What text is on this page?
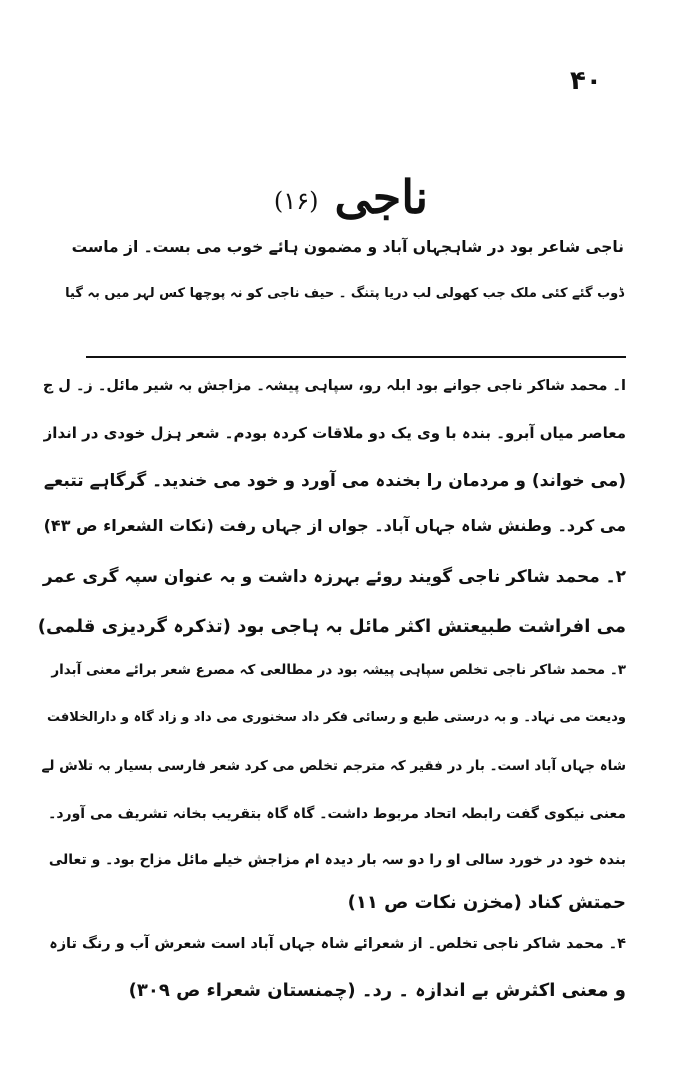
۴۰
ناجی (۱۶)
ناجی شاعر بود در شاہجہاں آباد و مضمون ہائے خوب می بست۔ از ماست
ڈوب گئے کئی ملک جب کھولی لب دریا پتنگ ۔ حیف ناجی کو نہ پوچھا کس لہر میں بہ گیا
ا۔ محمد شاکر ناجی جوانے بود ابلہ رو، سپاہی پیشہ۔ مزاجش بہ شیر مائل۔ ز۔ ل ج
معاصر میاں آبرو۔ بندہ با وی یک دو ملاقات کردہ بودم۔ شعر ہزل خودی در انداز
(می خواند) و مردمان را بخندہ می آورد و خود می خندید۔ گرگاہے تتبعے
می کرد۔ وطنش شاہ جہاں آباد۔ جواں از جہاں رفت (نکات الشعراء ص ۴۳)
۲۔ محمد شاکر ناجی گویند روئے بہرزہ داشت و بہ عنوان سپہ گری عمر
می افراشت طبیعتش اکثر مائل بہ ہاجی بود (تذکرہ گردیزی قلمی)
۳۔ محمد شاکر ناجی تخلص سپاہی پیشہ بود در مطالعی کہ مصرع شعر برائے معنی آبدار
ودیعت می نہاد۔ و بہ درستی طبع و رسائی فکر داد سخنوری می داد و زاد گاہ و دارالخلافت
شاہ جہاں آباد است۔ بار در فقیر کہ مترجم تخلص می کرد شعر فارسی بسیار بہ تلاش لے
معنی نیکوی گفت رابطہ اتحاد مربوط داشت۔ گاہ گاہ بتقریب بخانہ تشریف می آورد۔
بندہ خود در خورد سالی او را دو سہ بار دیدہ ام مزاجش خیلے مائل مزاح بود۔ و تعالی
حمتش کناد (مخزن نکات ص ۱۱)
۴۔ محمد شاکر ناجی تخلص۔ از شعرائے شاہ جہاں آباد است شعرش آب و رنگ تازہ
و معنی اکثرش بے اندازہ ۔ رد۔ (چمنستان شعراء ص ۳۰۹)
